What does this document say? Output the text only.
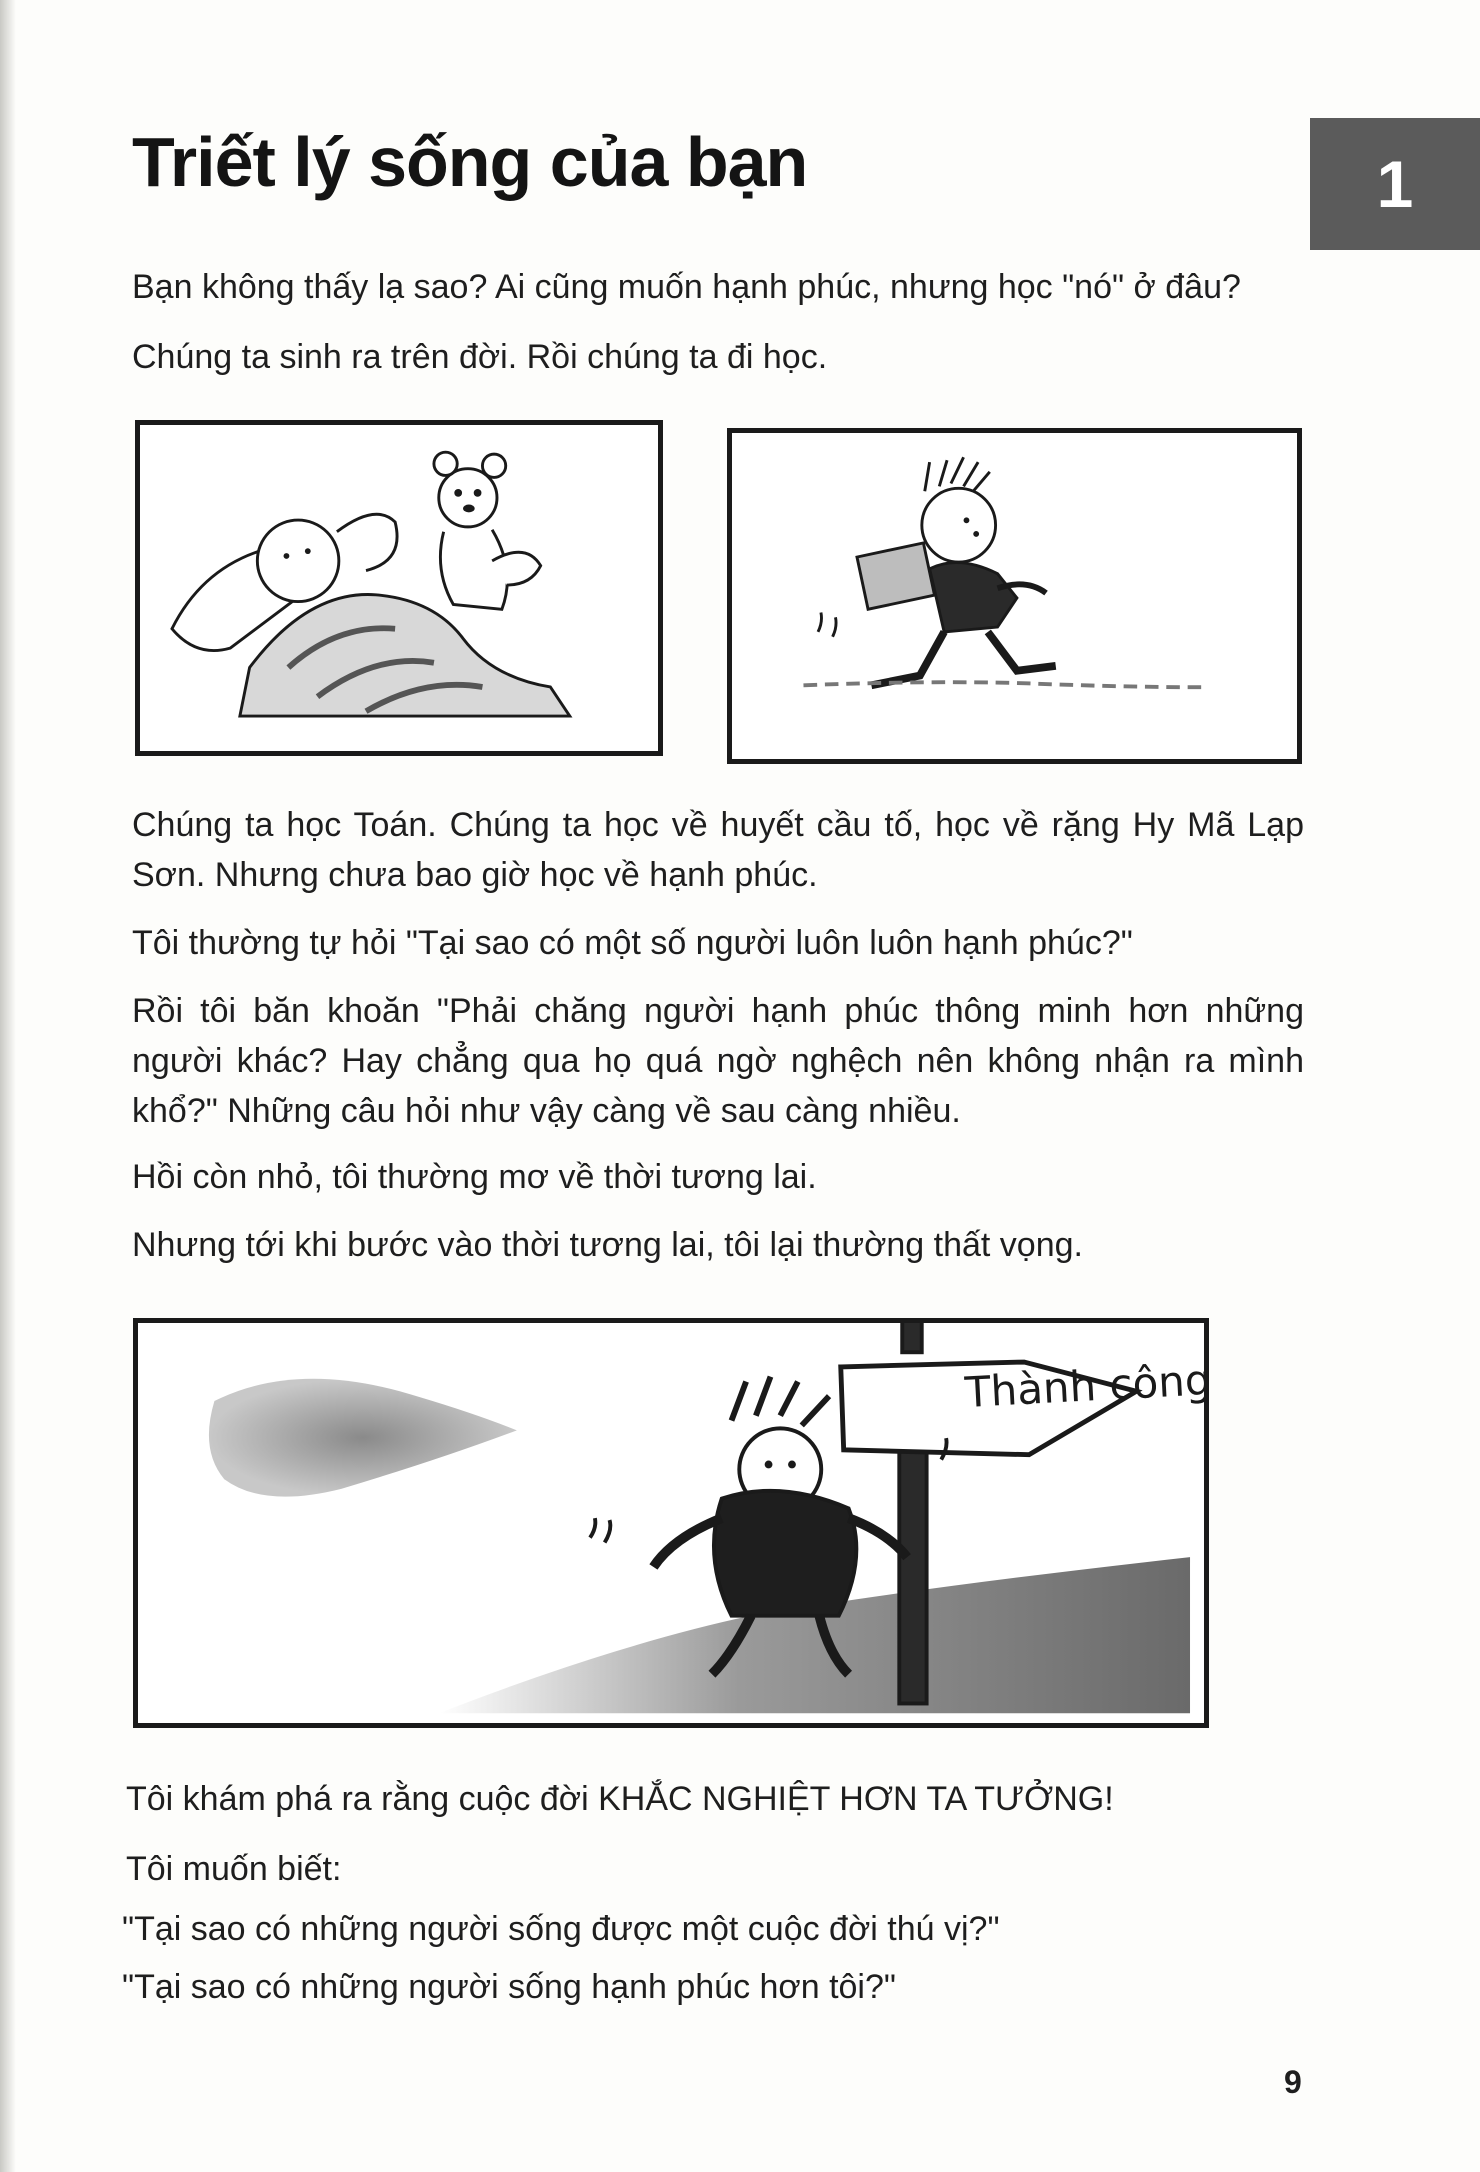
Triết lý sống của bạn	1

Bạn không thấy lạ sao? Ai cũng muốn hạnh phúc, nhưng học "nó" ở đâu?

Chúng ta sinh ra trên đời. Rồi chúng ta đi học.

Chúng ta học Toán. Chúng ta học về huyết cầu tố, học về rặng Hy Mã Lạp Sơn. Nhưng chưa bao giờ học về hạnh phúc.

Tôi thường tự hỏi "Tại sao có một số người luôn luôn hạnh phúc?"

Rồi tôi băn khoăn "Phải chăng người hạnh phúc thông minh hơn những người khác? Hay chẳng qua họ quá ngờ nghệch nên không nhận ra mình khổ?" Những câu hỏi như vậy càng về sau càng nhiều.

Hồi còn nhỏ, tôi thường mơ về thời tương lai.

Nhưng tới khi bước vào thời tương lai, tôi lại thường thất vọng.

Thành công

Tôi khám phá ra rằng cuộc đời KHẮC NGHIỆT HƠN TA TƯỞNG!

Tôi muốn biết:

"Tại sao có những người sống được một cuộc đời thú vị?"

"Tại sao có những người sống hạnh phúc hơn tôi?"

9
